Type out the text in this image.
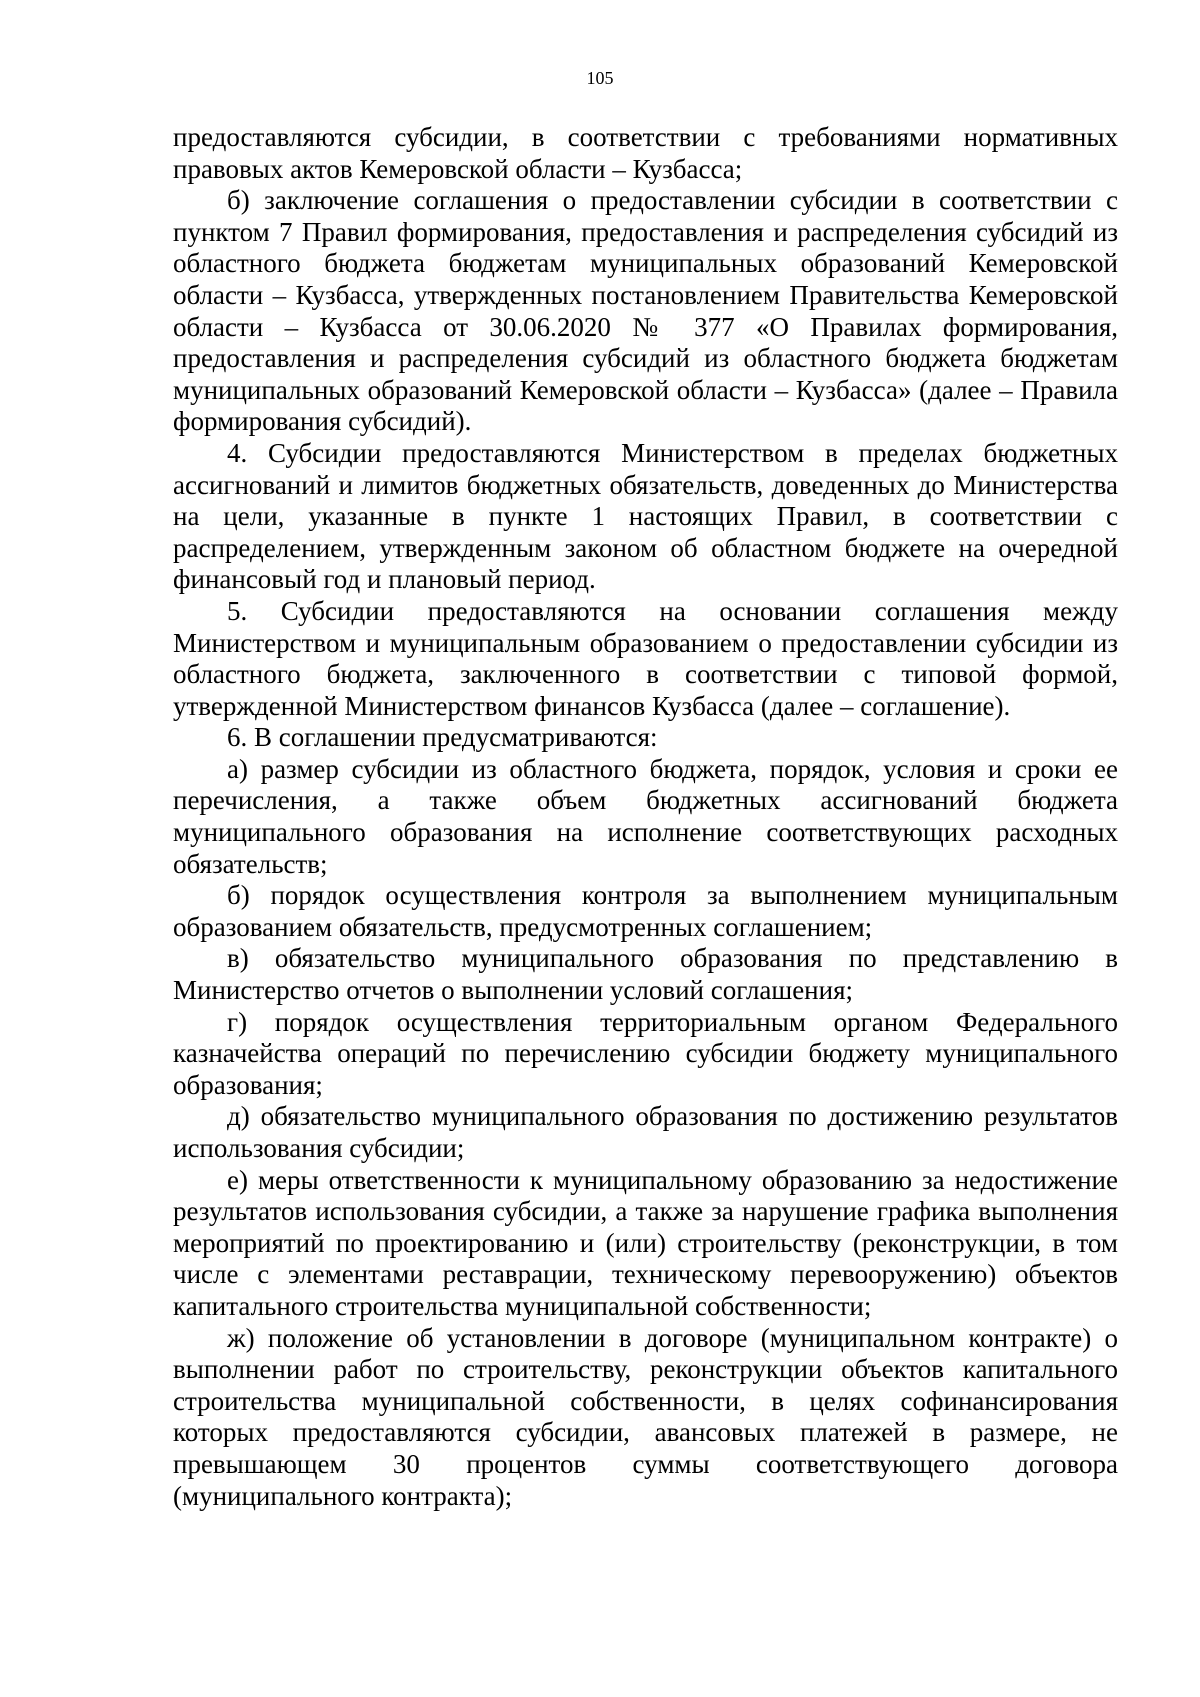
105

предоставляются субсидии, в соответствии с требованиями нормативных правовых актов Кемеровской области – Кузбасса;

б) заключение соглашения о предоставлении субсидии в соответствии с пунктом 7 Правил формирования, предоставления и распределения субсидий из областного бюджета бюджетам муниципальных образований Кемеровской области – Кузбасса, утвержденных постановлением Правительства Кемеровской области – Кузбасса от 30.06.2020 № 377 «О Правилах формирования, предоставления и распределения субсидий из областного бюджета бюджетам муниципальных образований Кемеровской области – Кузбасса» (далее – Правила формирования субсидий).

4. Субсидии предоставляются Министерством в пределах бюджетных ассигнований и лимитов бюджетных обязательств, доведенных до Министерства на цели, указанные в пункте 1 настоящих Правил, в соответствии с распределением, утвержденным законом об областном бюджете на очередной финансовый год и плановый период.

5. Субсидии предоставляются на основании соглашения между Министерством и муниципальным образованием о предоставлении субсидии из областного бюджета, заключенного в соответствии с типовой формой, утвержденной Министерством финансов Кузбасса (далее – соглашение).

6. В соглашении предусматриваются:

а) размер субсидии из областного бюджета, порядок, условия и сроки ее перечисления, а также объем бюджетных ассигнований бюджета муниципального образования на исполнение соответствующих расходных обязательств;

б) порядок осуществления контроля за выполнением муниципальным образованием обязательств, предусмотренных соглашением;

в) обязательство муниципального образования по представлению в Министерство отчетов о выполнении условий соглашения;

г) порядок осуществления территориальным органом Федерального казначейства операций по перечислению субсидии бюджету муниципального образования;

д) обязательство муниципального образования по достижению результатов использования субсидии;

е) меры ответственности к муниципальному образованию за недостижение результатов использования субсидии, а также за нарушение графика выполнения мероприятий по проектированию и (или) строительству (реконструкции, в том числе с элементами реставрации, техническому перевооружению) объектов капитального строительства муниципальной собственности;

ж) положение об установлении в договоре (муниципальном контракте) о выполнении работ по строительству, реконструкции объектов капитального строительства муниципальной собственности, в целях софинансирования которых предоставляются субсидии, авансовых платежей в размере, не превышающем 30 процентов суммы соответствующего договора (муниципального контракта);
